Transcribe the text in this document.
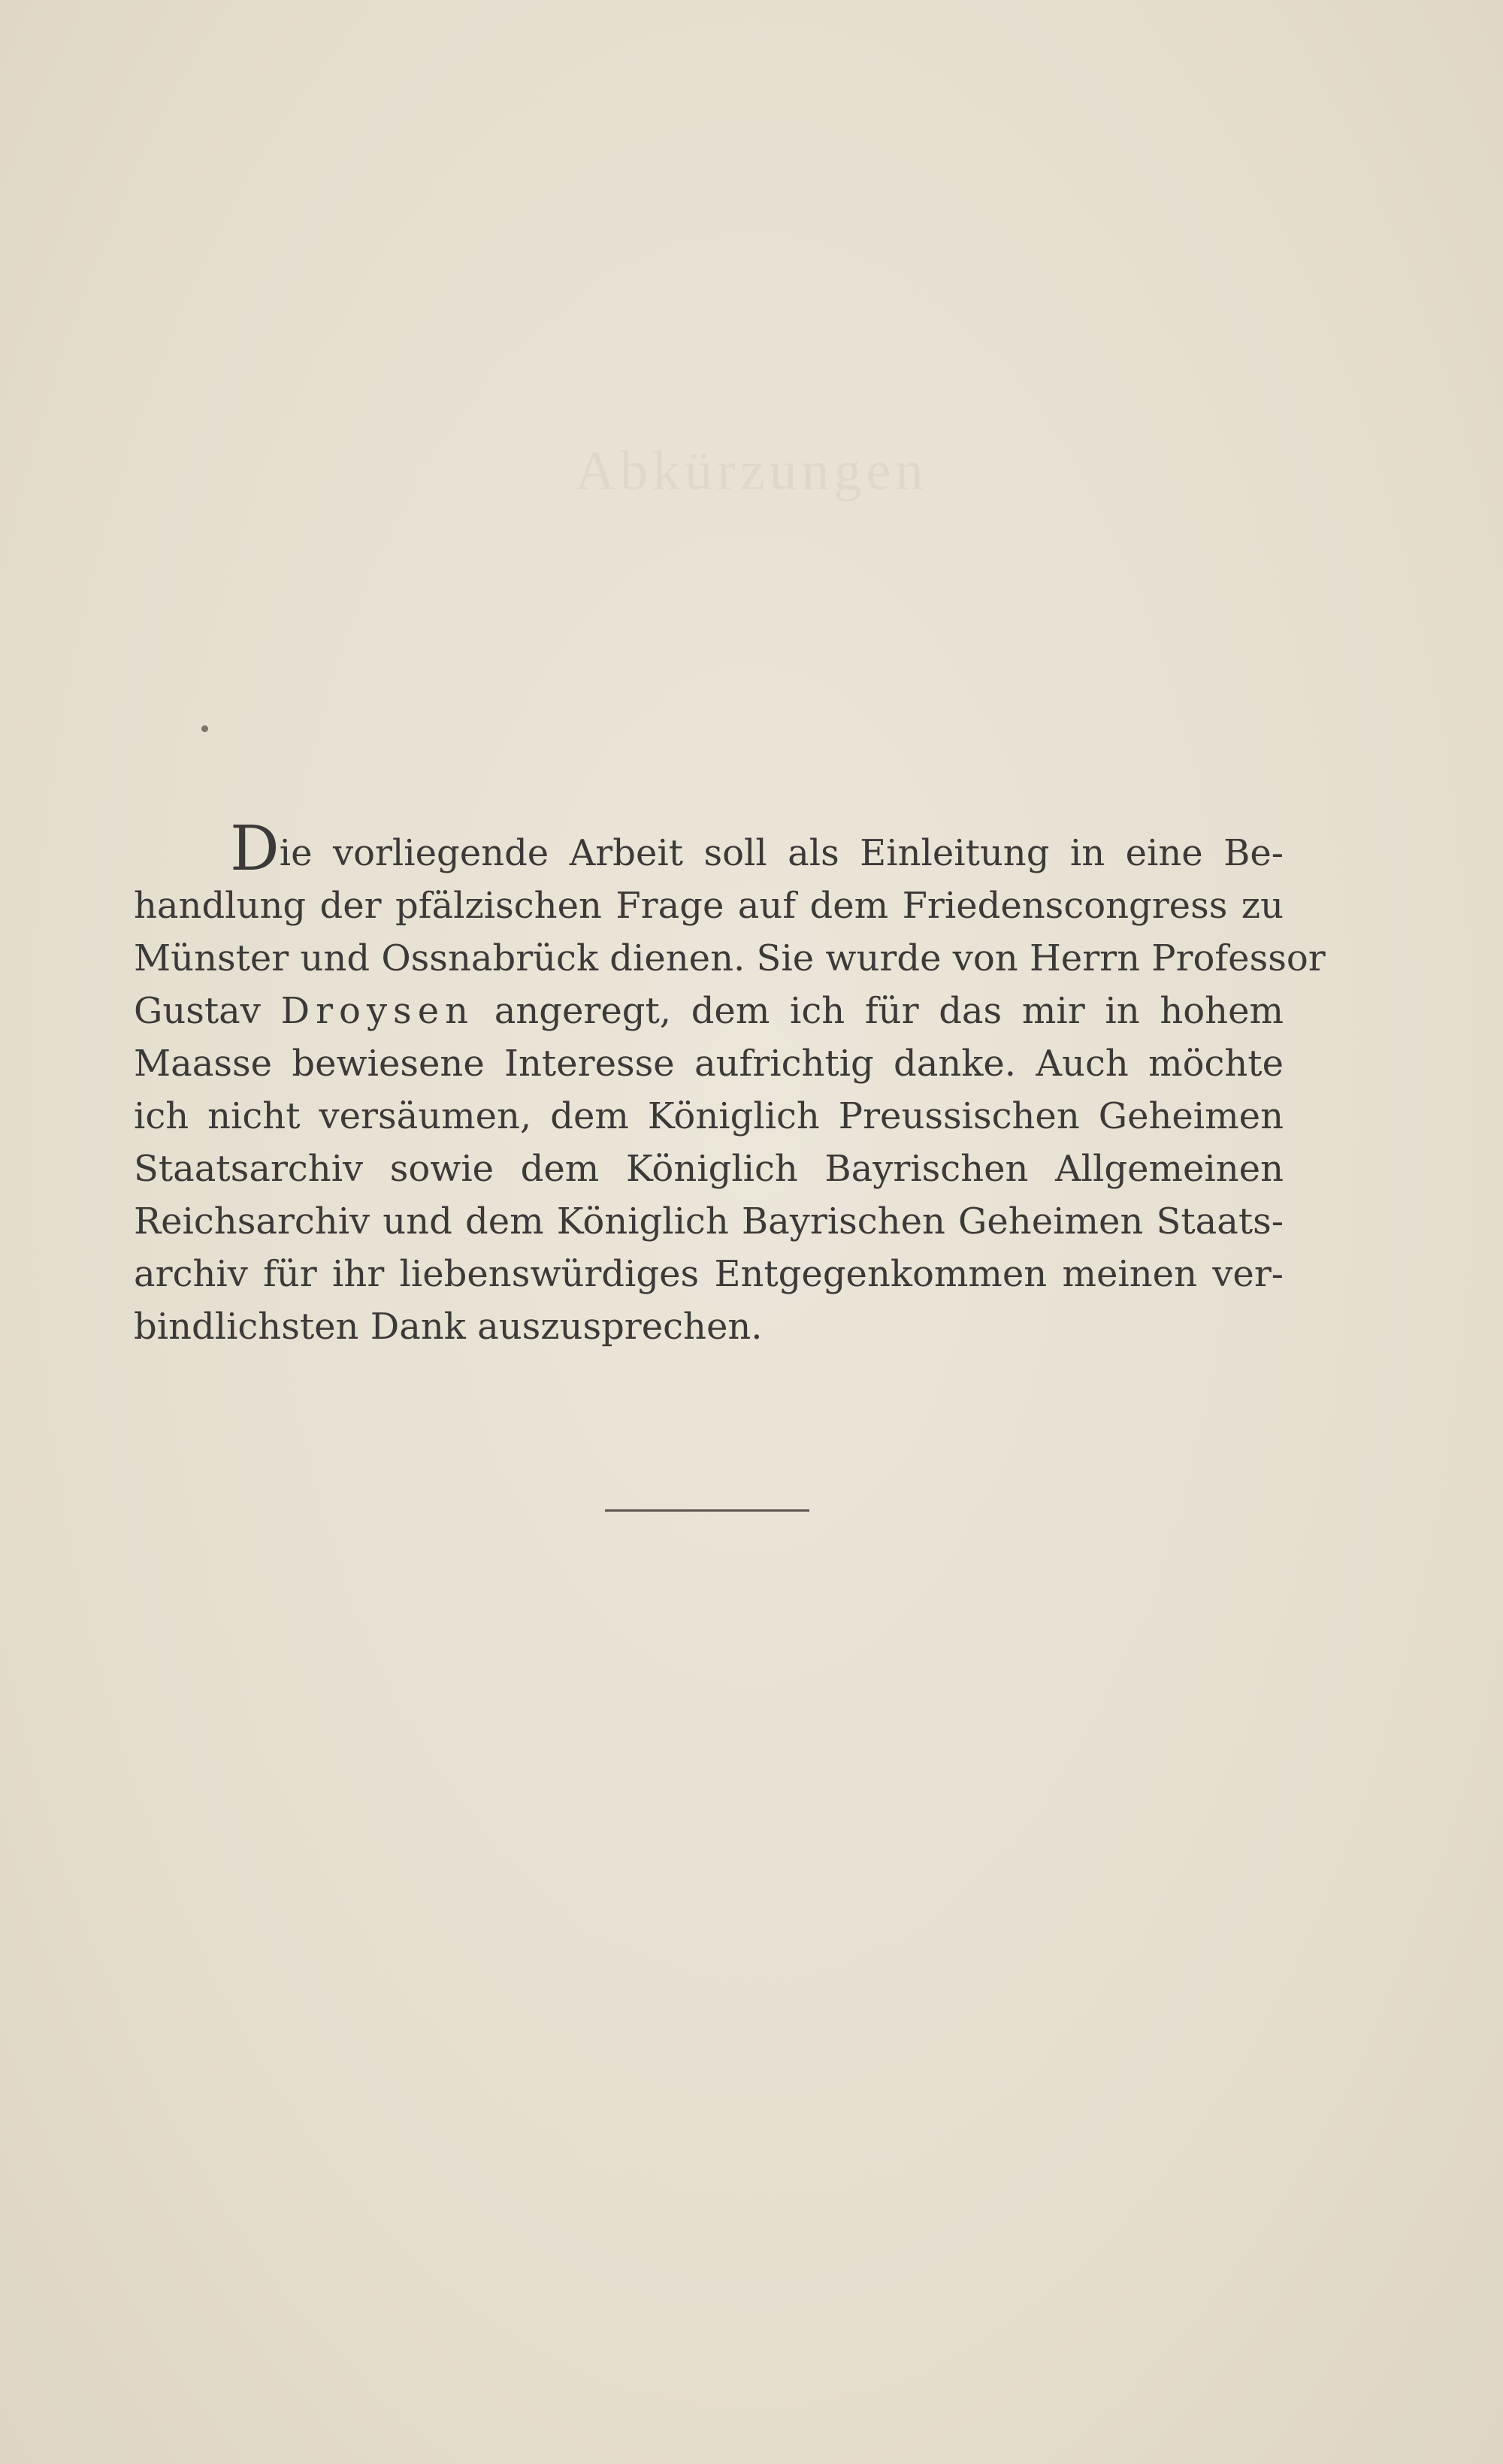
Abkürzungen
Die vorliegende Arbeit soll als Einleitung in eine Be-
handlung der pfälzischen Frage auf dem Friedenscongress zu
Münster und Ossnabrück dienen. Sie wurde von Herrn Professor
Gustav Droysen angeregt, dem ich für das mir in hohem
Maasse bewiesene Interesse aufrichtig danke. Auch möchte
ich nicht versäumen, dem Königlich Preussischen Geheimen
Staatsarchiv sowie dem Königlich Bayrischen Allgemeinen
Reichsarchiv und dem Königlich Bayrischen Geheimen Staats-
archiv für ihr liebenswürdiges Entgegenkommen meinen ver-
bindlichsten Dank auszusprechen.
